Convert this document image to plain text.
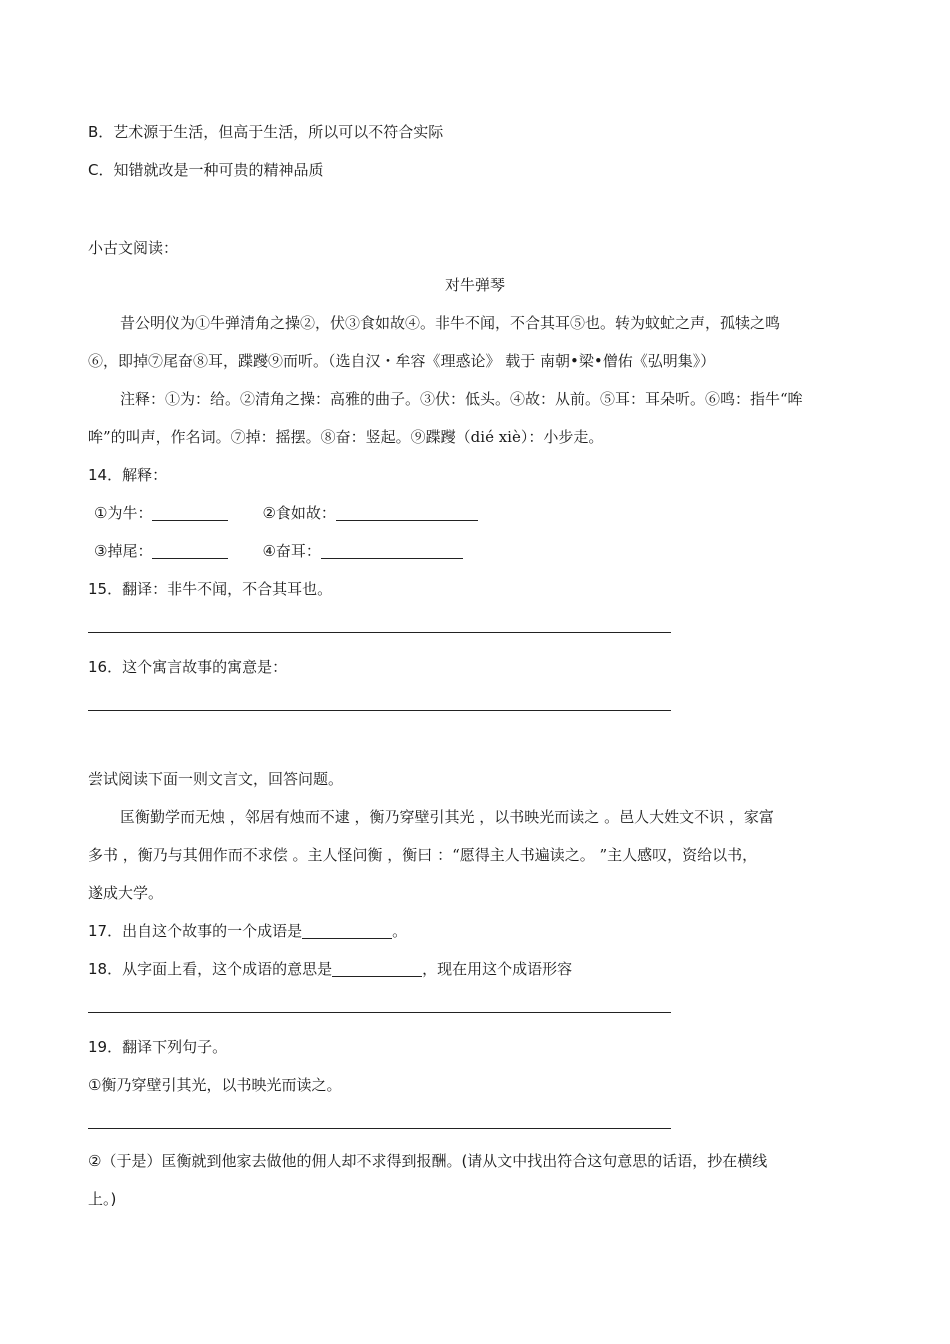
B．艺术源于生活，但高于生活，所以可以不符合实际
C．知错就改是一种可贵的精神品质
小古文阅读：
对牛弹琴
昔公明仪为①牛弹清角之操②，伏③食如故④。非牛不闻，不合其耳⑤也。转为蚊虻之声，孤犊之鸣
⑥，即掉⑦尾奋⑧耳，蹀躞⑨而听。（选自汉・牟容《理惑论》 载于 南朝•梁•僧佑《弘明集》）
注释：①为：给。②清角之操：高雅的曲子。③伏：低头。④故：从前。⑤耳：耳朵听。⑥鸣：指牛“哞
哞”的叫声，作名词。⑦掉：摇摆。⑧奋：竖起。⑨蹀躞（dié xiè）：小步走。
14．解释：
①为牛：	②食如故：
③掉尾：	④奋耳：
15．翻译：非牛不闻，不合其耳也。
16．这个寓言故事的寓意是：
尝试阅读下面一则文言文，回答问题。
匡衡勤学而无烛 ，邻居有烛而不逮 ，衡乃穿壁引其光 ，以书映光而读之 。邑人大姓文不识 ，家富
多书 ，衡乃与其佣作而不求偿 。主人怪问衡 ，衡曰 ：“愿得主人书遍读之。 ”主人感叹，资给以书，
遂成大学。
17．出自这个故事的一个成语是	。
18．从字面上看，这个成语的意思是	，现在用这个成语形容
19．翻译下列句子。
①衡乃穿壁引其光，以书映光而读之。
②（于是）匡衡就到他家去做他的佣人却不求得到报酬。(请从文中找出符合这句意思的话语，抄在横线
上。)
